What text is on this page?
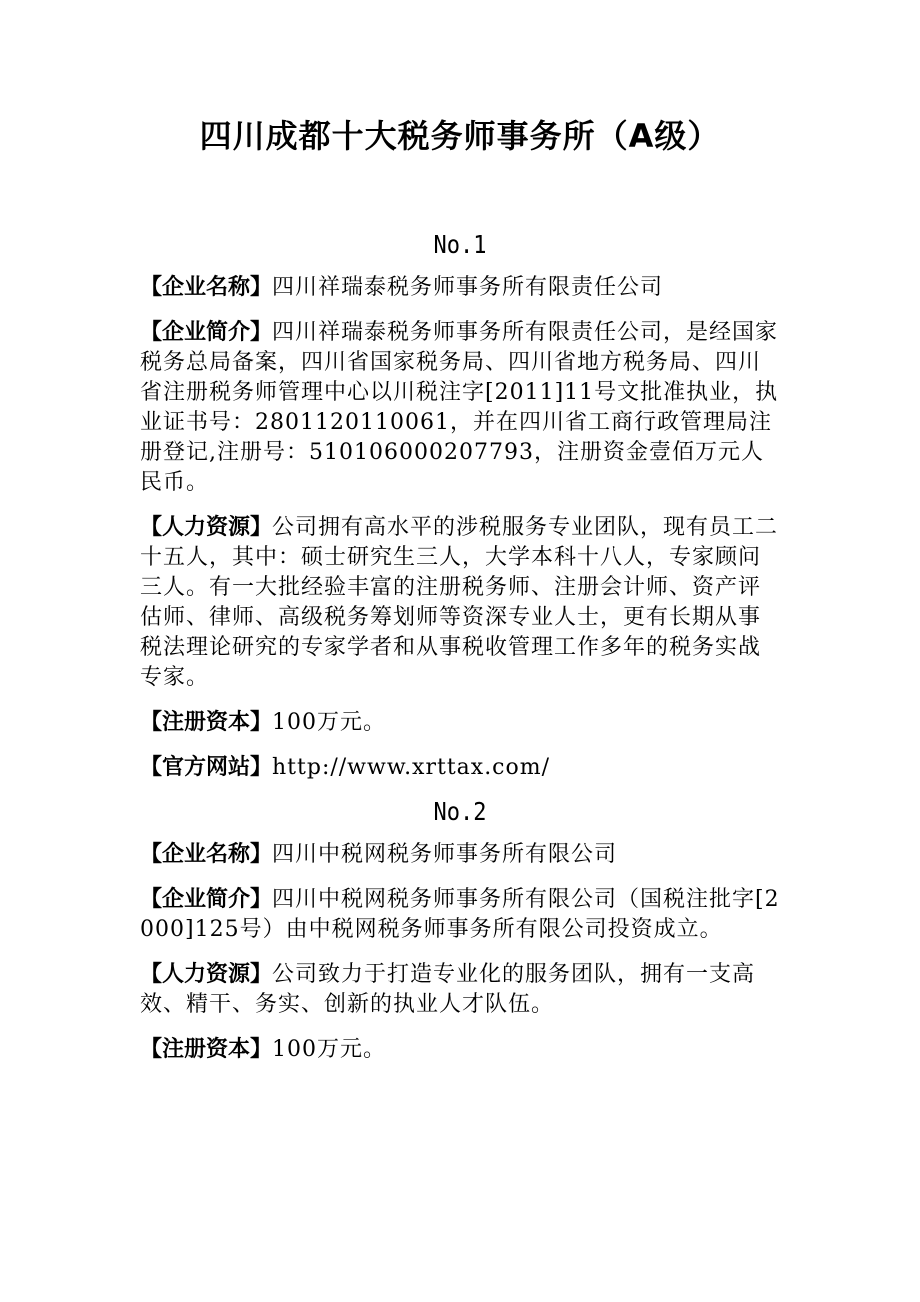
四川成都十大税务师事务所（A级）
No.1

【企业名称】四川祥瑞泰税务师事务所有限责任公司

【企业简介】四川祥瑞泰税务师事务所有限责任公司，是经国家税务总局备案，四川省国家税务局、四川省地方税务局、四川省注册税务师管理中心以川税注字[2011]11号文批准执业，执业证书号：2801120110061，并在四川省工商行政管理局注册登记,注册号：510106000207793，注册资金壹佰万元人民币。

【人力资源】公司拥有高水平的涉税服务专业团队，现有员工二十五人，其中：硕士研究生三人，大学本科十八人，专家顾问三人。有一大批经验丰富的注册税务师、注册会计师、资产评估师、律师、高级税务筹划师等资深专业人士，更有长期从事税法理论研究的专家学者和从事税收管理工作多年的税务实战专家。

【注册资本】100万元。

【官方网站】http://www.xrttax.com/

No.2

【企业名称】四川中税网税务师事务所有限公司

【企业简介】四川中税网税务师事务所有限公司（国税注批字[2000]125号）由中税网税务师事务所有限公司投资成立。

【人力资源】公司致力于打造专业化的服务团队，拥有一支高效、精干、务实、创新的执业人才队伍。

【注册资本】100万元。
